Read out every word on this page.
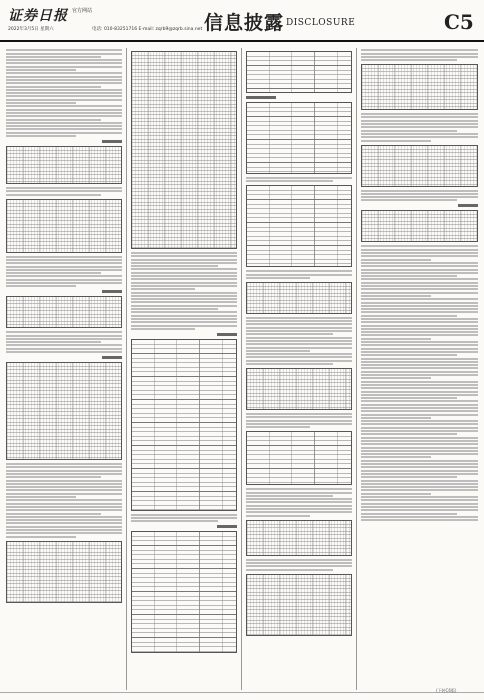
证券日报 官方网站
2022年3月5日 星期六	电话: 010-83251716 E-mail: zqrb9@zqrb.sina.net 信息披露 DISCLOSURE	C5
(下转C6版)
